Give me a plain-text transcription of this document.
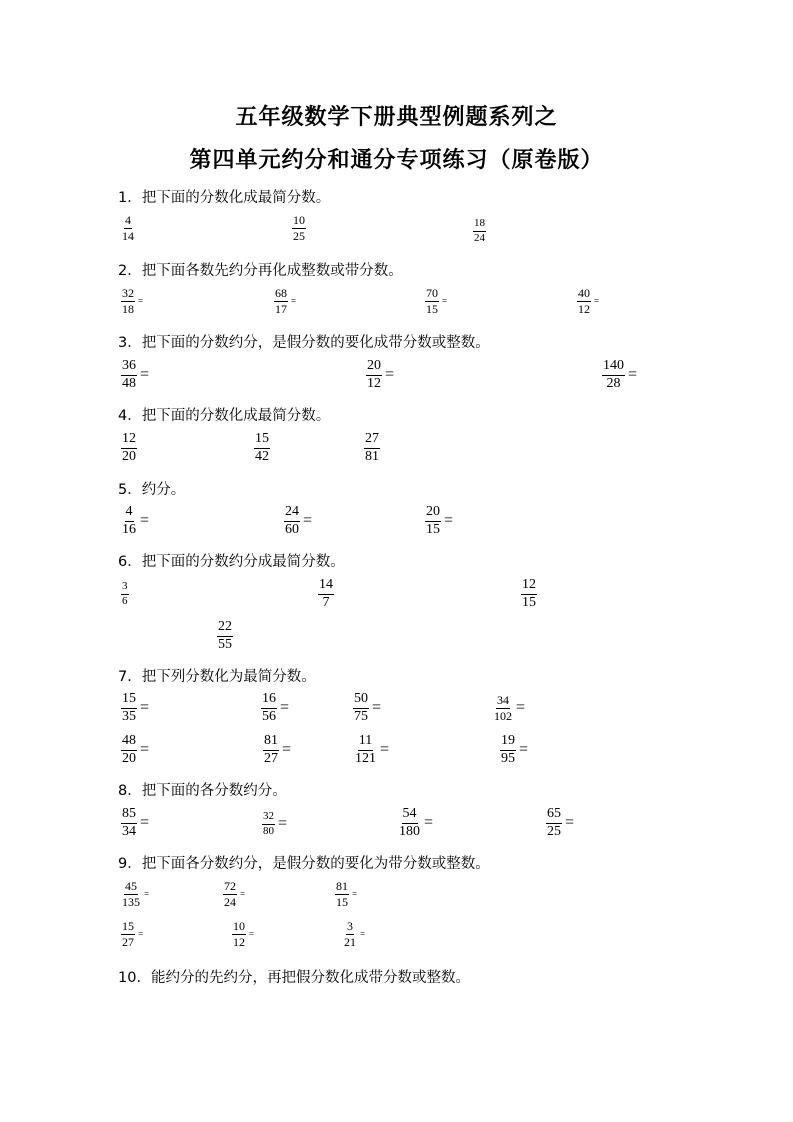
五年级数学下册典型例题系列之
第四单元约分和通分专项练习（原卷版）
1．把下面的分数化成最简分数。
$\frac{4}{14}$	$\frac{10}{25}$	$\frac{18}{24}$
2．把下面各数先约分再化成整数或带分数。
$\frac{32}{18}$ =	$\frac{68}{17}$ =	$\frac{70}{15}$ =	$\frac{40}{12}$ =
3．把下面的分数约分，是假分数的要化成带分数或整数。
$\frac{36}{48}$ =	$\frac{20}{12}$ =	$\frac{140}{28}$ =
4．把下面的分数化成最简分数。
$\frac{12}{20}$	$\frac{15}{42}$	$\frac{27}{81}$
5．约分。
$\frac{4}{16}$ =	$\frac{24}{60}$ =	$\frac{20}{15}$ =
6．把下面的分数约分成最简分数。
$\frac{3}{6}$	$\frac{14}{7}$	$\frac{12}{15}$
$\frac{22}{55}$
7．把下列分数化为最简分数。
$\frac{15}{35}$ =	$\frac{16}{56}$ =	$\frac{50}{75}$ =	$\frac{34}{102}$ =
$\frac{48}{20}$ =	$\frac{81}{27}$ =	$\frac{11}{121}$ =	$\frac{19}{95}$ =
8．把下面的各分数约分。
$\frac{85}{34}$ =	$\frac{32}{80}$ =	$\frac{54}{180}$ =	$\frac{65}{25}$ =
9．把下面各分数约分，是假分数的要化为带分数或整数。
$\frac{45}{135}$ =	$\frac{72}{24}$ =	$\frac{81}{15}$ =
$\frac{15}{27}$ =	$\frac{10}{12}$ =	$\frac{3}{21}$ =
10．能约分的先约分，再把假分数化成带分数或整数。
